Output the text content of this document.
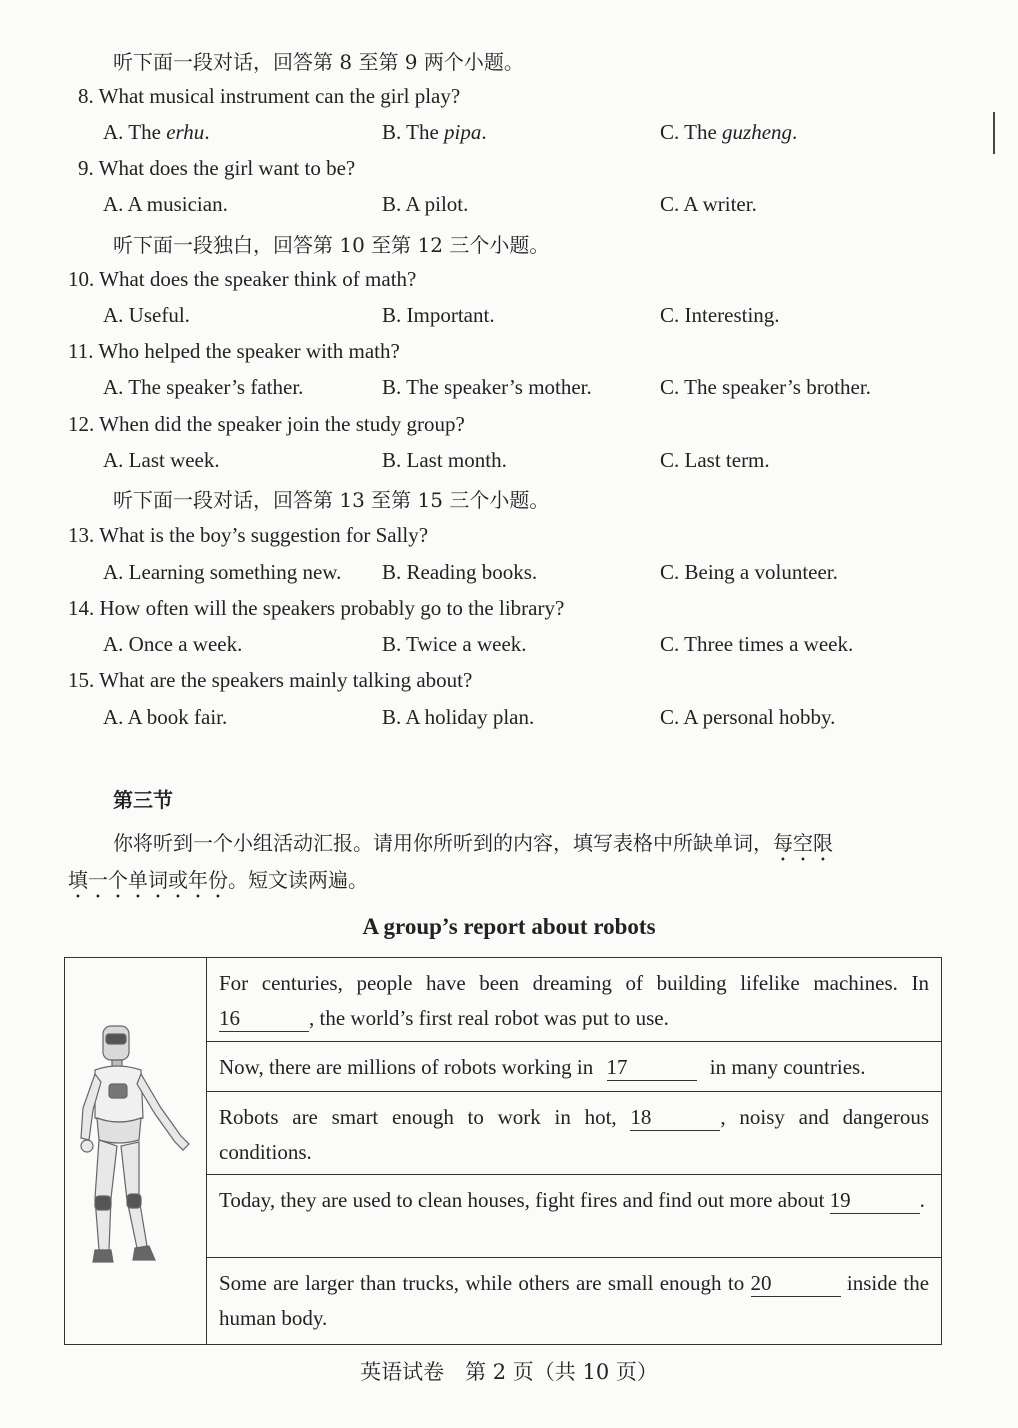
听下面一段对话，回答第 8 至第 9 两个小题。
8. What musical instrument can the girl play?
A. The erhu.	B. The pipa.	C. The guzheng.
9. What does the girl want to be?
A. A musician.	B. A pilot.	C. A writer.
听下面一段独白，回答第 10 至第 12 三个小题。
10. What does the speaker think of math?
A. Useful.	B. Important.	C. Interesting.
11. Who helped the speaker with math?
A. The speaker’s father.	B. The speaker’s mother.	C. The speaker’s brother.
12. When did the speaker join the study group?
A. Last week.	B. Last month.	C. Last term.
听下面一段对话，回答第 13 至第 15 三个小题。
13. What is the boy’s suggestion for Sally?
A. Learning something new. B. Reading books.	C. Being a volunteer.
14. How often will the speakers probably go to the library?
A. Once a week.	B. Twice a week.	C. Three times a week.
15. What are the speakers mainly talking about?
A. A book fair.	B. A holiday plan.	C. A personal hobby.
第三节
你将听到一个小组活动汇报。请用你所听到的内容，填写表格中所缺单词，每空限
填一个单词或年份。短文读两遍。
A group’s report about robots

For centuries, people have been dreaming of building lifelike machines. In 16	, the world’s first real robot was put to use.

Now, there are millions of robots working in 17	in many countries.

Robots are smart enough to work in hot, 18	, noisy and dangerous conditions.

Today, they are used to clean houses, fight fires and find out more about 19	.

Some are larger than trucks, while others are small enough to 20	inside the human body.
英语试卷　第 2 页（共 10 页）
